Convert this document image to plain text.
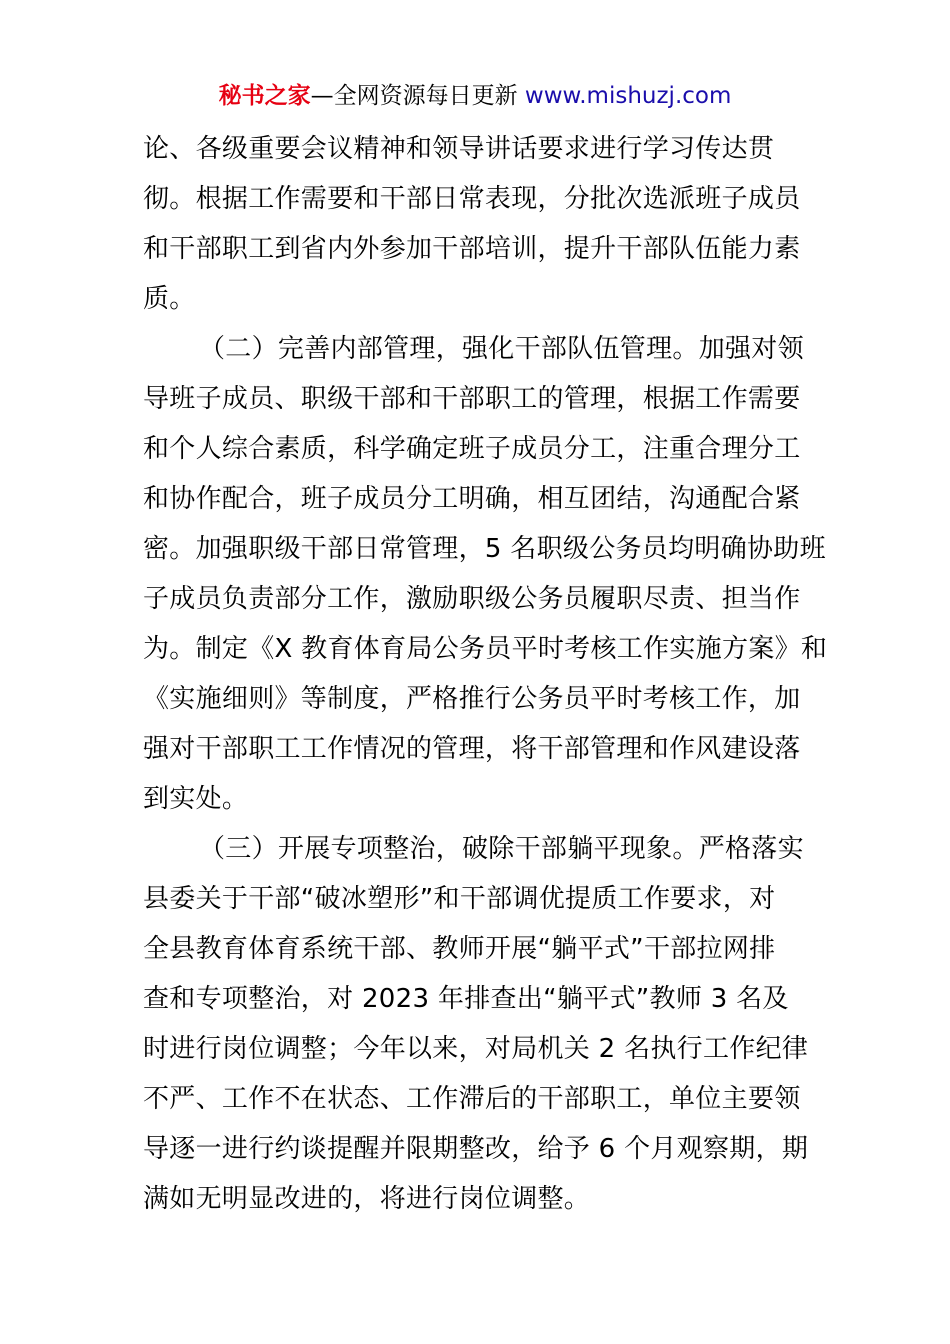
秘书之家—全网资源每日更新 www.mishuzj.com
论、各级重要会议精神和领导讲话要求进行学习传达贯
彻。根据工作需要和干部日常表现，分批次选派班子成员
和干部职工到省内外参加干部培训，提升干部队伍能力素
质。
（二）完善内部管理，强化干部队伍管理。加强对领
导班子成员、职级干部和干部职工的管理，根据工作需要
和个人综合素质，科学确定班子成员分工，注重合理分工
和协作配合，班子成员分工明确，相互团结，沟通配合紧
密。加强职级干部日常管理，5 名职级公务员均明确协助班
子成员负责部分工作，激励职级公务员履职尽责、担当作
为。制定《X 教育体育局公务员平时考核工作实施方案》和
《实施细则》等制度，严格推行公务员平时考核工作，加
强对干部职工工作情况的管理，将干部管理和作风建设落
到实处。
（三）开展专项整治，破除干部躺平现象。严格落实
县委关于干部“破冰塑形”和干部调优提质工作要求，对
全县教育体育系统干部、教师开展“躺平式”干部拉网排
查和专项整治，对 2023 年排查出“躺平式”教师 3 名及
时进行岗位调整；今年以来，对局机关 2 名执行工作纪律
不严、工作不在状态、工作滞后的干部职工，单位主要领
导逐一进行约谈提醒并限期整改，给予 6 个月观察期，期
满如无明显改进的，将进行岗位调整。
